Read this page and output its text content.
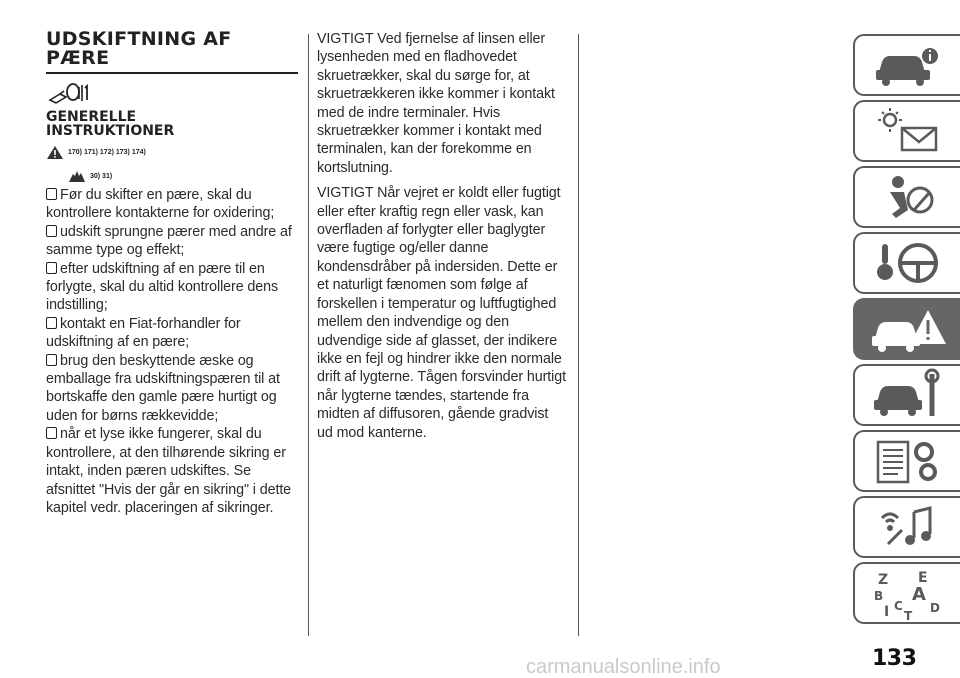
UDSKIFTNING AF
PÆRE
GENERELLE
INSTRUKTIONER
170) 171) 172) 173) 174)
30) 31)
Før du skifter en pære, skal du
kontrollere kontakterne for oxidering;
udskift sprungne pærer med andre af
samme type og effekt;
efter udskiftning af en pære til en
forlygte, skal du altid kontrollere dens
indstilling;
kontakt en Fiat-forhandler for
udskiftning af en pære;
brug den beskyttende æske og
emballage fra udskiftningspæren til at
bortskaffe den gamle pære hurtigt og
uden for børns rækkevidde;
når et lyse ikke fungerer, skal du
kontrollere, at den tilhørende sikring er
intakt, inden pæren udskiftes. Se
afsnittet "Hvis der går en sikring" i dette
kapitel vedr. placeringen af sikringer.
VIGTIGT Ved fjernelse af linsen eller
lysenheden med en fladhovedet
skruetrækker, skal du sørge for, at
skruetrækkeren ikke kommer i kontakt
med de indre terminaler. Hvis
skruetrækker kommer i kontakt med
terminalen, kan der forekomme en
kortslutning.
VIGTIGT Når vejret er koldt eller fugtigt
eller efter kraftig regn eller vask, kan
overfladen af forlygter eller baglygter
være fugtige og/eller danne
kondensdråber på indersiden. Dette er
et naturligt fænomen som følge af
forskellen i temperatur og luftfugtighed
mellem den indvendige og den
udvendige side af glasset, der indikere
ikke en fejl og hindrer ikke den normale
drift af lygterne. Tågen forsvinder hurtigt
når lygterne tændes, startende fra
midten af diffusoren, gående gradvist
ud mod kanterne.
Z E
B A
C D
I T
133
carmanualsonline.info
